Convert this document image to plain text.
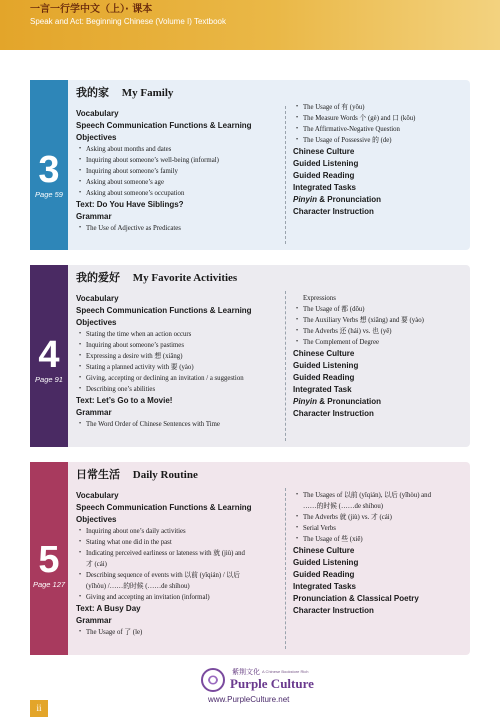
一言一行学中文（上）· 课本
Speak and Act: Beginning Chinese (Volume I) Textbook
3
Page 59
我的家 My Family
Vocabulary
Speech Communication Functions & Learning
Objectives
• Asking about months and dates
• Inquiring about someone’s well-being (informal)
• Inquiring about someone’s family
• Asking about someone’s age
• Asking about someone’s occupation
Text: Do You Have Siblings?
Grammar
• The Use of Adjective as Predicates
• The Usage of 有 (yǒu)
• The Measure Words 个 (gè) and 口 (kǒu)
• The Affirmative-Negative Question
• The Usage of Possessive 的 (de)
Chinese Culture
Guided Listening
Guided Reading
Integrated Tasks
Pinyin & Pronunciation
Character Instruction
4
Page 91
我的爱好 My Favorite Activities
Vocabulary
Speech Communication Functions & Learning
Objectives
• Stating the time when an action occurs
• Inquiring about someone’s pastimes
• Expressing a desire with 想 (xiǎng)
• Stating a planned activity with 要 (yào)
• Giving, accepting or declining an invitation / a suggestion
• Describing one’s abilities
Text: Let’s Go to a Movie!
Grammar
• The Word Order of Chinese Sentences with Time
Expressions
• The Usage of 都 (dōu)
• The Auxiliary Verbs 想 (xiǎng) and 要 (yào)
• The Adverbs 还 (hái) vs. 也 (yě)
• The Complement of Degree
Chinese Culture
Guided Listening
Guided Reading
Integrated Task
Pinyin & Pronunciation
Character Instruction
5
Page 127
日常生活 Daily Routine
Vocabulary
Speech Communication Functions & Learning
Objectives
• Inquiring about one’s daily activities
• Stating what one did in the past
• Indicating perceived earliness or lateness with 就 (jiù) and
才 (cái)
• Describing sequence of events with 以前 (yǐqián) / 以后
(yǐhòu) /……的时候 (……de shíhou)
• Giving and accepting an invitation (informal)
Text: A Busy Day
Grammar
• The Usage of 了 (le)
• The Usages of 以前 (yǐqián), 以后 (yǐhòu) and
……的时候 (……de shíhou)
• The Adverbs 就 (jiù) vs. 才 (cái)
• Serial Verbs
• The Usage of 些 (xiē)
Chinese Culture
Guided Listening
Guided Reading
Integrated Tasks
Pronunciation & Classical Poetry
Character Instruction
紫荆文化 A Chinese Bookstore Rich
Purple Culture
www.PurpleCulture.net
ii
